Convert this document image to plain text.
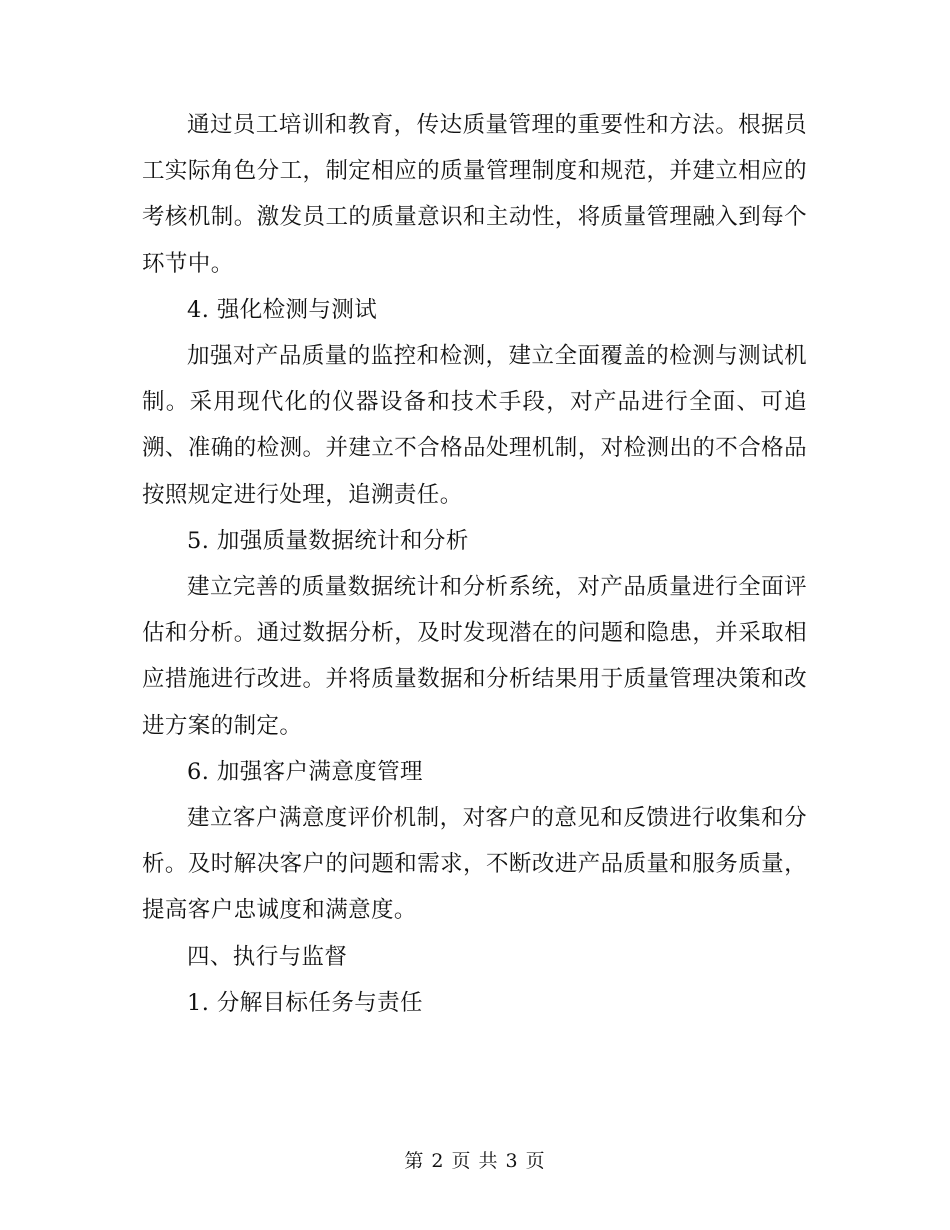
通过员工培训和教育，传达质量管理的重要性和方法。根据员工实际角色分工，制定相应的质量管理制度和规范，并建立相应的考核机制。激发员工的质量意识和主动性，将质量管理融入到每个环节中。

4. 强化检测与测试

加强对产品质量的监控和检测，建立全面覆盖的检测与测试机制。采用现代化的仪器设备和技术手段，对产品进行全面、可追溯、准确的检测。并建立不合格品处理机制，对检测出的不合格品按照规定进行处理，追溯责任。

5. 加强质量数据统计和分析

建立完善的质量数据统计和分析系统，对产品质量进行全面评估和分析。通过数据分析，及时发现潜在的问题和隐患，并采取相应措施进行改进。并将质量数据和分析结果用于质量管理决策和改进方案的制定。

6. 加强客户满意度管理

建立客户满意度评价机制，对客户的意见和反馈进行收集和分析。及时解决客户的问题和需求，不断改进产品质量和服务质量，提高客户忠诚度和满意度。

四、执行与监督

1. 分解目标任务与责任

第 2 页 共 3 页
